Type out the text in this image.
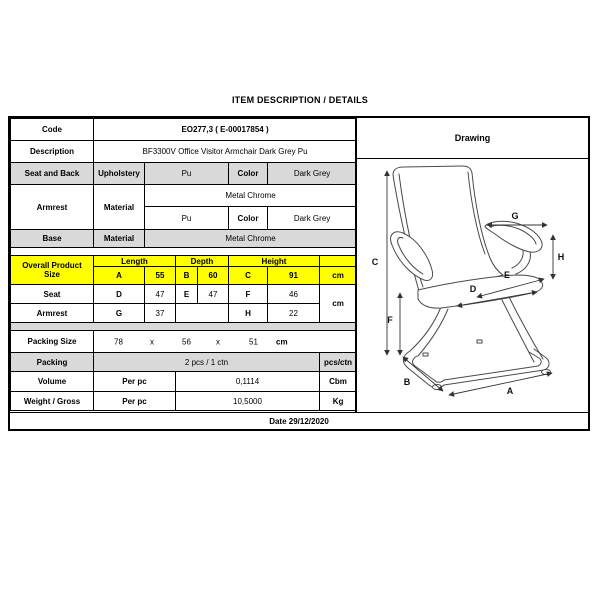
ITEM DESCRIPTION / DETAILS
Code	EO277,3 ( E-00017854 )						
Description	BF3300V Office Visitor Armchair Dark Grey Pu						
Seat and Back	Upholstery	Pu			Color	Dark Grey	
Armrest	Material	Metal Chrome					
		Pu			Color	Dark Grey	
Base	Material	Metal Chrome					

Overall Product
Size	Length		Depth		Height		
	A	55	B	60	C	91	cm
Seat	D	47	E	47	F	46	cm
Armrest	G	37			H	22	

Packing Size	78	x	56	x	51 cm

Packing	2 pcs / 1 ctn						pcs/ctn
Volume	Per pc		0,1114				Cbm
Weight / Gross	Per pc		10,5000				Kg
Drawing
C
F
G
H
E
D
B
A
Date 29/12/2020
